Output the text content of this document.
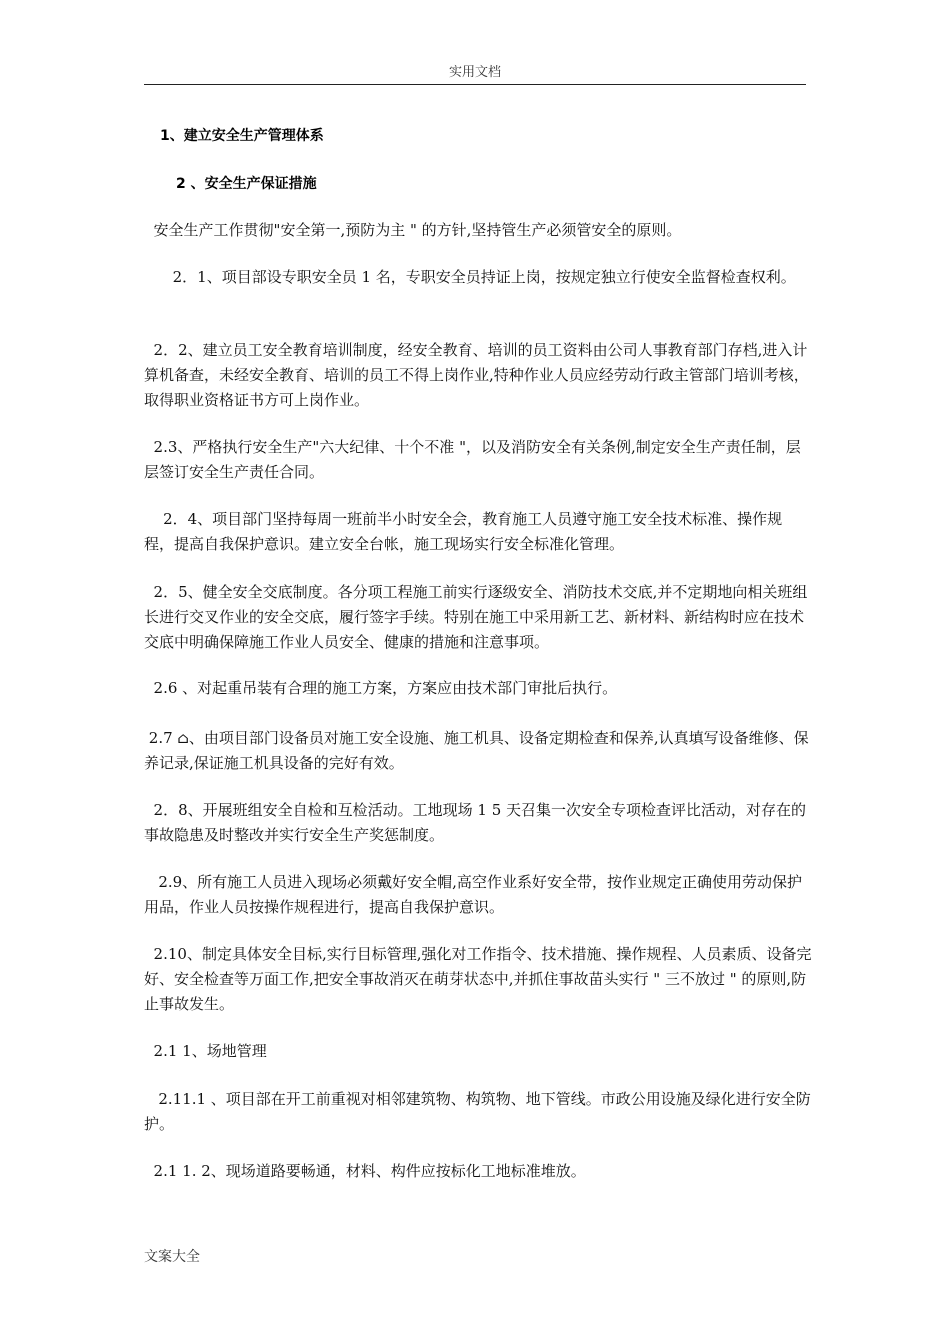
实用文档
1、建立安全生产管理体系
2 、安全生产保证措施
安全生产工作贯彻"安全第一,预防为主 " 的方针,坚持管生产必须管安全的原则。
2．1、项目部设专职安全员 1 名，专职安全员持证上岗，按规定独立行使安全监督检查权利。
2．2、建立员工安全教育培训制度，经安全教育、培训的员工资料由公司人事教育部门存档,进入计算机备查，未经安全教育、培训的员工不得上岗作业,特种作业人员应经劳动行政主管部门培训考核，取得职业资格证书方可上岗作业。
2.3、严格执行安全生产"六大纪律、十个不准 "，以及消防安全有关条例,制定安全生产责任制，层层签订安全生产责任合同。
2．4、项目部门坚持每周一班前半小时安全会，教育施工人员遵守施工安全技术标准、操作规程，提高自我保护意识。建立安全台帐，施工现场实行安全标准化管理。
2．5、健全安全交底制度。各分项工程施工前实行逐级安全、消防技术交底,并不定期地向相关班组长进行交叉作业的安全交底，履行签字手续。特别在施工中采用新工艺、新材料、新结构时应在技术交底中明确保障施工作业人员安全、健康的措施和注意事项。
2.6 、对起重吊装有合理的施工方案，方案应由技术部门审批后执行。
2.7 ⌂、由项目部门设备员对施工安全设施、施工机具、设备定期检查和保养,认真填写设备维修、保养记录,保证施工机具设备的完好有效。
2．8、开展班组安全自检和互检活动。工地现场 1 5 天召集一次安全专项检查评比活动，对存在的事故隐患及时整改并实行安全生产奖惩制度。
2.9、所有施工人员进入现场必须戴好安全帽,高空作业系好安全带，按作业规定正确使用劳动保护用品，作业人员按操作规程进行，提高自我保护意识。
2.10、制定具体安全目标,实行目标管理,强化对工作指令、技术措施、操作规程、人员素质、设备完好、安全检查等万面工作,把安全事故消灭在萌芽状态中,并抓住事故苗头实行 " 三不放过 " 的原则,防止事故发生。
2.1 1、场地管理
2.11.1 、项目部在开工前重视对相邻建筑物、构筑物、地下管线。市政公用设施及绿化进行安全防护。
2.1 1. 2、现场道路要畅通，材料、构件应按标化工地标准堆放。
文案大全
